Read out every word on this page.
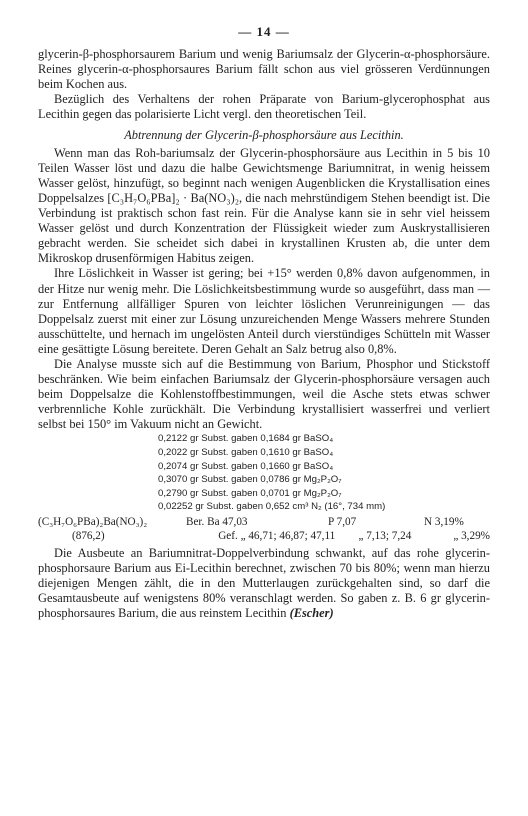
— 14 —

glycerin-β-phosphorsaurem Barium und wenig Bariumsalz der Glycerin-α-phosphorsäure. Reines glycerin-α-phosphorsaures Barium fällt schon aus viel grösseren Verdünnungen beim Kochen aus.

Bezüglich des Verhaltens der rohen Präparate von Barium-glycerophosphat aus Lecithin gegen das polarisierte Licht vergl. den theoretischen Teil.

Abtrennung der Glycerin-β-phosphorsäure aus Lecithin.

Wenn man das Roh-bariumsalz der Glycerin-phosphorsäure aus Lecithin in 5 bis 10 Teilen Wasser löst und dazu die halbe Gewichtsmenge Bariumnitrat, in wenig heissem Wasser gelöst, hinzufügt, so beginnt nach wenigen Augenblicken die Krystallisation eines Doppelsalzes [C₃H₇O₆PBa]₂ · Ba(NO₃)₂, die nach mehrstündigem Stehen beendigt ist. Die Verbindung ist praktisch schon fast rein. Für die Analyse kann sie in sehr viel heissem Wasser gelöst und durch Konzentration der Flüssigkeit wieder zum Auskrystallisieren gebracht werden. Sie scheidet sich dabei in krystallinen Krusten ab, die unter dem Mikroskop drusenförmigen Habitus zeigen.

Ihre Löslichkeit in Wasser ist gering; bei +15° werden 0,8% davon aufgenommen, in der Hitze nur wenig mehr. Die Löslichkeitsbestimmung wurde so ausgeführt, dass man — zur Entfernung allfälliger Spuren von leichter löslichen Verunreinigungen — das Doppelsalz zuerst mit einer zur Lösung unzureichenden Menge Wassers mehrere Stunden ausschüttelte, und hernach im ungelösten Anteil durch vierstündiges Schütteln mit Wasser eine gesättigte Lösung bereitete. Deren Gehalt an Salz betrug also 0,8%.

Die Analyse musste sich auf die Bestimmung von Barium, Phosphor und Stickstoff beschränken. Wie beim einfachen Bariumsalz der Glycerin-phosphorsäure versagen auch beim Doppelsalze die Kohlenstoffbestimmungen, weil die Asche stets etwas schwer verbrennliche Kohle zurückhält. Die Verbindung krystallisiert wasserfrei und verliert selbst bei 150° im Vakuum nicht an Gewicht.

0,2122 gr Subst. gaben 0,1684 gr BaSO₄
0,2022 gr Subst. gaben 0,1610 gr BaSO₄
0,2074 gr Subst. gaben 0,1660 gr BaSO₄
0,3070 gr Subst. gaben 0,0786 gr Mg₂P₂O₇
0,2790 gr Subst. gaben 0,0701 gr Mg₂P₂O₇
0,02252 gr Subst. gaben 0,652 cm³ N₂ (16°, 734 mm)
(C₃H₇O₆PBa)₂Ba(NO₃)₂	Ber. Ba 47,03	P 7,07	N 3,19%
(876,2)	Gef. „ 46,71; 46,87; 47,11	„ 7,13; 7,24	„ 3,29%

Die Ausbeute an Bariumnitrat-Doppelverbindung schwankt, auf das rohe glycerin-phosphorsaure Barium aus Ei-Lecithin berechnet, zwischen 70 bis 80%; wenn man hierzu diejenigen Mengen zählt, die in den Mutterlaugen zurückgehalten sind, so darf die Gesamtausbeute auf wenigstens 80% veranschlagt werden. So gaben z. B. 6 gr glycerin-phosphorsaures Barium, die aus reinstem Lecithin (Escher)
